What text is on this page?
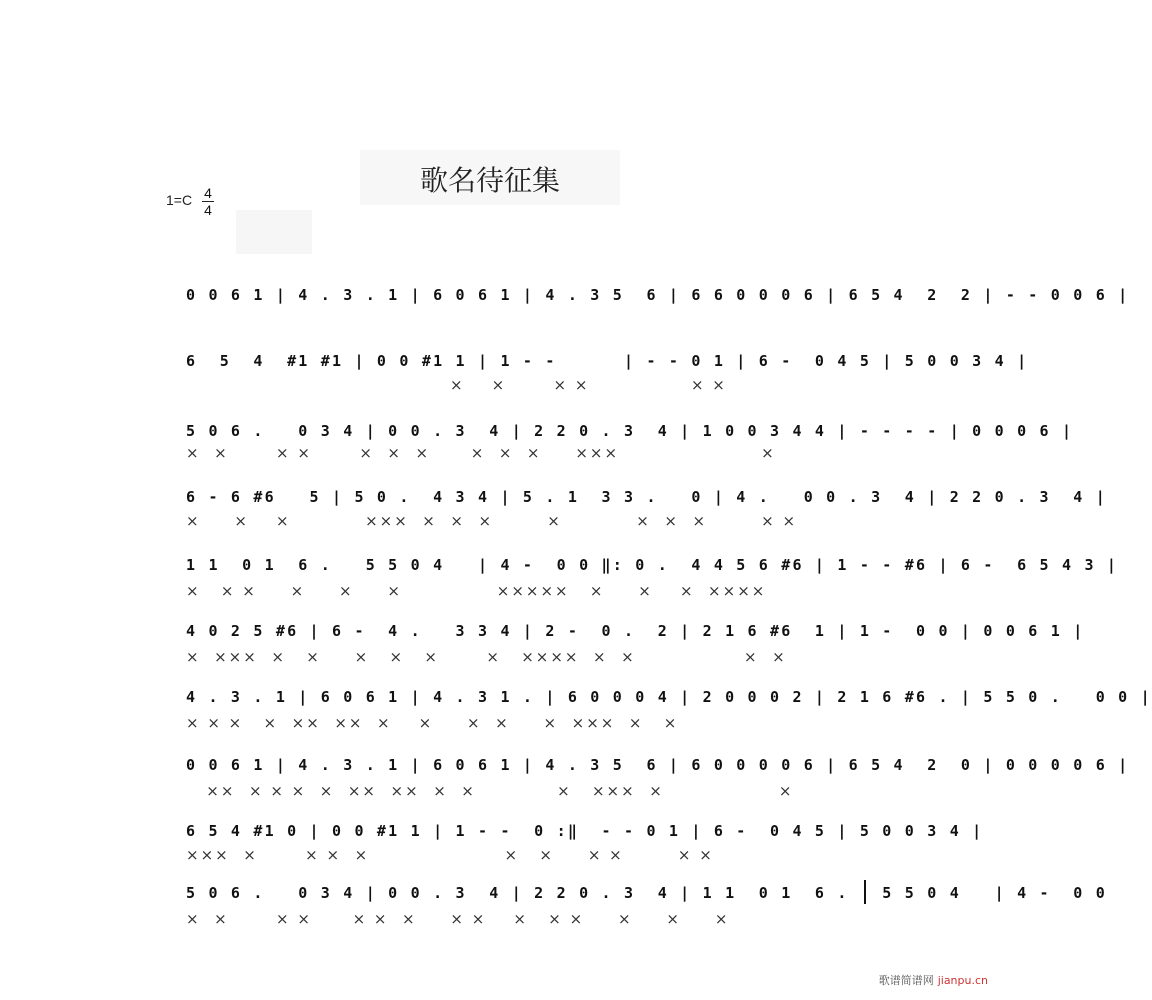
歌名待征集
1=C 4
4
0 0 6 1 | 4 . 3 . 1 | 6 0 6 1 | 4 . 3 5  6 | 6 6 0 0 0 6 | 6 5 4  2  2 | - - 0 0 6 |
6  5  4  #1 #1 | 0 0 #1 1 | 1 - -      | - - 0 1 | 6 -  0 4 5 | 5 0 0 3 4 |
×    ×       × ×               × ×
5 0 6 .   0 3 4 | 0 0 . 3  4 | 2 2 0 . 3  4 | 1 0 0 3 4 4 | - - - - | 0 0 0 6 |
×  ×       × ×       ×  ×  ×      ×  ×  ×     ×××                     ×
6 - 6 #6   5 | 5 0 .  4 3 4 | 5 . 1  3 3 .   0 | 4 .   0 0 . 3  4 | 2 2 0 . 3  4 |
×     ×    ×           ×××  ×  ×  ×        ×           ×  ×  ×        × ×
1 1  0 1  6 .   5 5 0 4   | 4 -  0 0 ‖: 0 .  4 4 5 6 #6 | 1 - - #6 | 6 -  6 5 4 3 |
×   × ×     ×     ×     ×              ×××××   ×     ×    ×  ××××
4 0 2 5 #6 | 6 -  4 .   3 3 4 | 2 -  0 .  2 | 2 1 6 #6  1 | 1 -  0 0 | 0 0 6 1 |
×  ×××  ×   ×     ×   ×   ×       ×   ××××  ×  ×                ×  ×
4 . 3 . 1 | 6 0 6 1 | 4 . 3 1 . | 6 0 0 0 4 | 2 0 0 0 2 | 2 1 6 #6 . | 5 5 0 .   0 0 |
× × ×   ×  ××  ××  ×    ×     ×  ×     ×  ×××  ×   ×
0 0 6 1 | 4 . 3 . 1 | 6 0 6 1 | 4 . 3 5  6 | 6 0 0 0 0 6 | 6 5 4  2  0 | 0 0 0 0 6 |
××  × × ×  ×  ××  ××  ×  ×            ×   ×××  ×                 ×
6 5 4 #1 0 | 0 0 #1 1 | 1 - -  0 :‖  - - 0 1 | 6 -  0 4 5 | 5 0 0 3 4 |
×××  ×       × ×  ×                    ×   ×     × ×        × ×
5 0 6 .   0 3 4 | 0 0 . 3  4 | 2 2 0 . 3  4 | 1 1  0 1  6 .   5 5 0 4   | 4 -  0 0
×  ×       × ×      × ×  ×     × ×    ×   × ×     ×     ×     ×
歌谱简谱网 jianpu.cn
